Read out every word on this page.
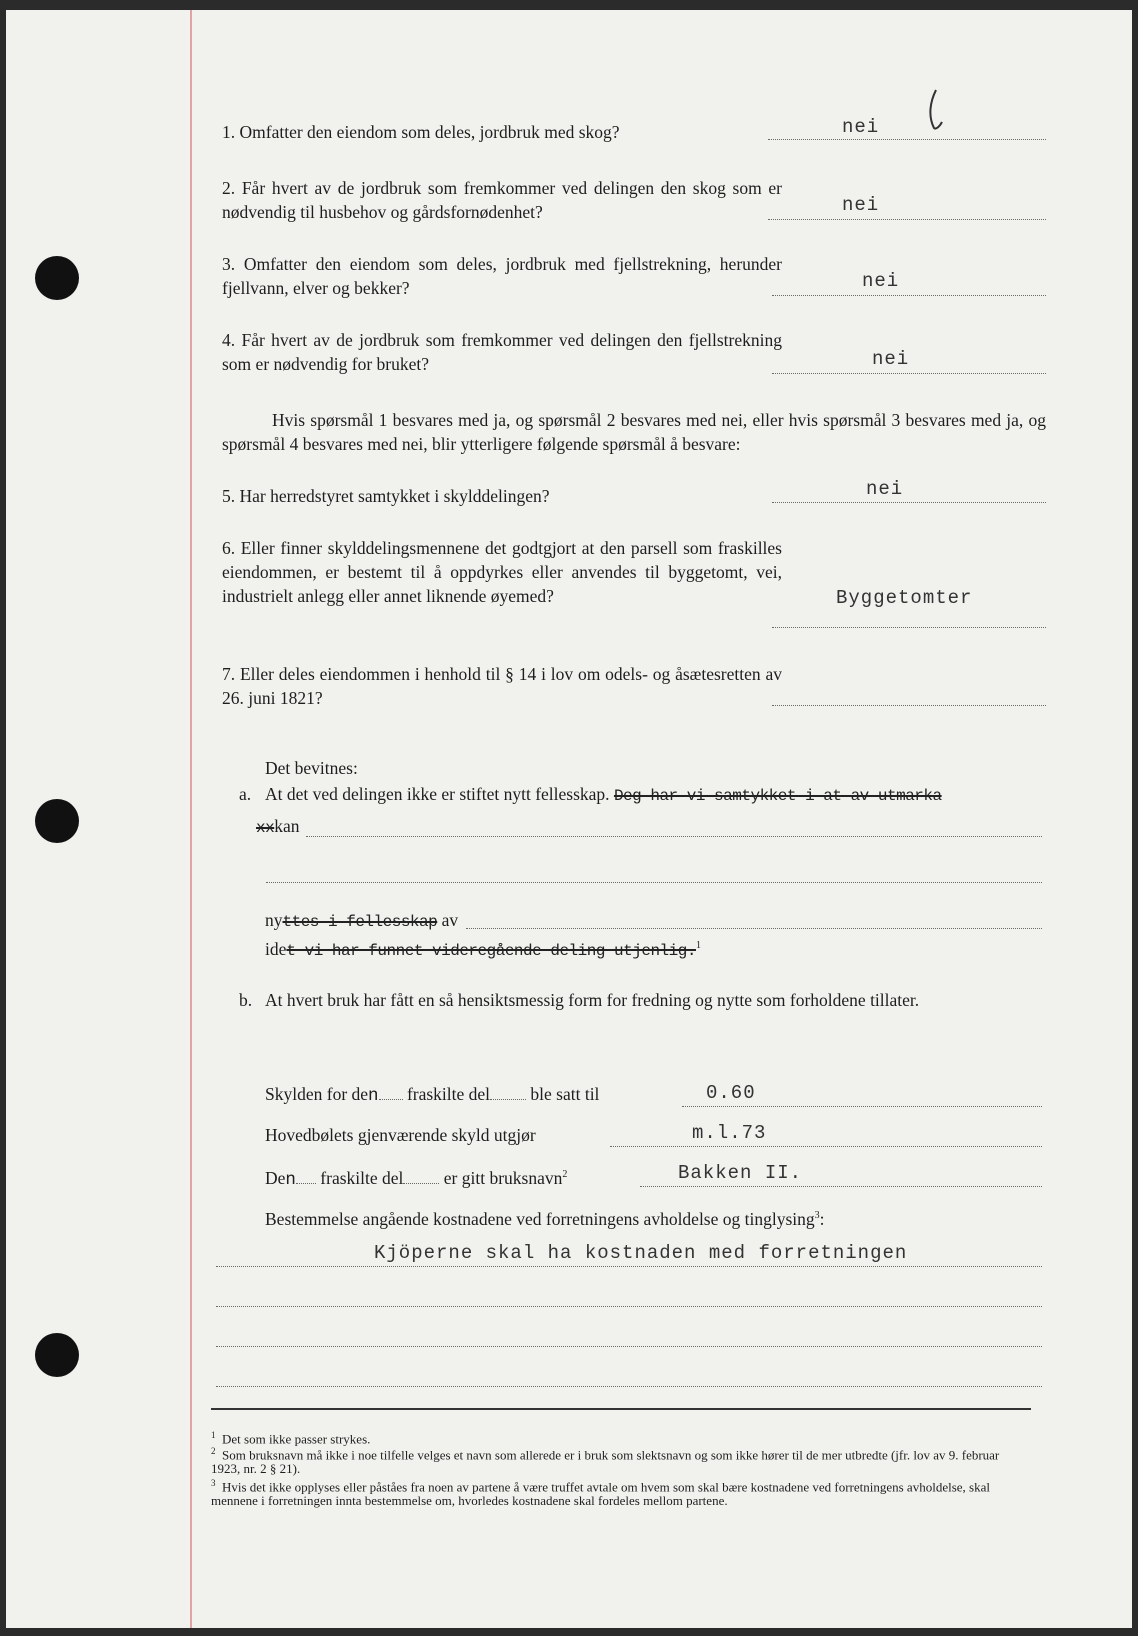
1. Omfatter den eiendom som deles, jordbruk med skog?	nei
2. Får hvert av de jordbruk som fremkommer ved delingen den skog som er nødvendig til husbehov og gårdsfornødenhet?	nei
3. Omfatter den eiendom som deles, jordbruk med fjellstrekning, herunder fjellvann, elver og bekker?	nei
4. Får hvert av de jordbruk som fremkommer ved delingen den fjellstrekning som er nødvendig for bruket?	nei
Hvis spørsmål 1 besvares med ja, og spørsmål 2 besvares med nei, eller hvis spørsmål 3 besvares med ja, og spørsmål 4 besvares med nei, blir ytterligere følgende spørsmål å besvare:
5. Har herredstyret samtykket i skylddelingen?	nei
6. Eller finner skylddelingsmennene det godtgjort at den parsell som fraskilles eiendommen, er bestemt til å oppdyrkes eller anvendes til byggetomt, vei, industrielt anlegg eller annet liknende øyemed?	Byggetomter
7. Eller deles eiendommen i henhold til § 14 i lov om odels- og åsætesretten av 26. juni 1821?
Det bevitnes:
a. At det ved delingen ikke er stiftet nytt fellesskap. Deg har vi samtykket i at av utmarka
xxkan
nyttes i fellesskap av
idet vi har funnet videregående deling utjenlig.$^1$
b. At hvert bruk har fått en så hensiktsmessig form for fredning og nytte som forholdene tillater.
Skylden for den fraskilte del ble satt til	0.60
Hovedbølets gjenværende skyld utgjør	m.l.73
Den fraskilte del er gitt bruksnavn$^2$	Bakken II.
Bestemmelse angående kostnadene ved forretningens avholdelse og tinglysing$^3$:
Kjöperne skal ha kostnaden med forretningen
$^1$ Det som ikke passer strykes.
$^2$ Som bruksnavn må ikke i noe tilfelle velges et navn som allerede er i bruk som slektsnavn og som ikke hører til de mer utbredte (jfr. lov av 9. februar 1923, nr. 2 § 21).
$^3$ Hvis det ikke opplyses eller påståes fra noen av partene å være truffet avtale om hvem som skal bære kostnadene ved forretningens avholdelse, skal mennene i forretningen innta bestemmelse om, hvorledes kostnadene skal fordeles mellom partene.
